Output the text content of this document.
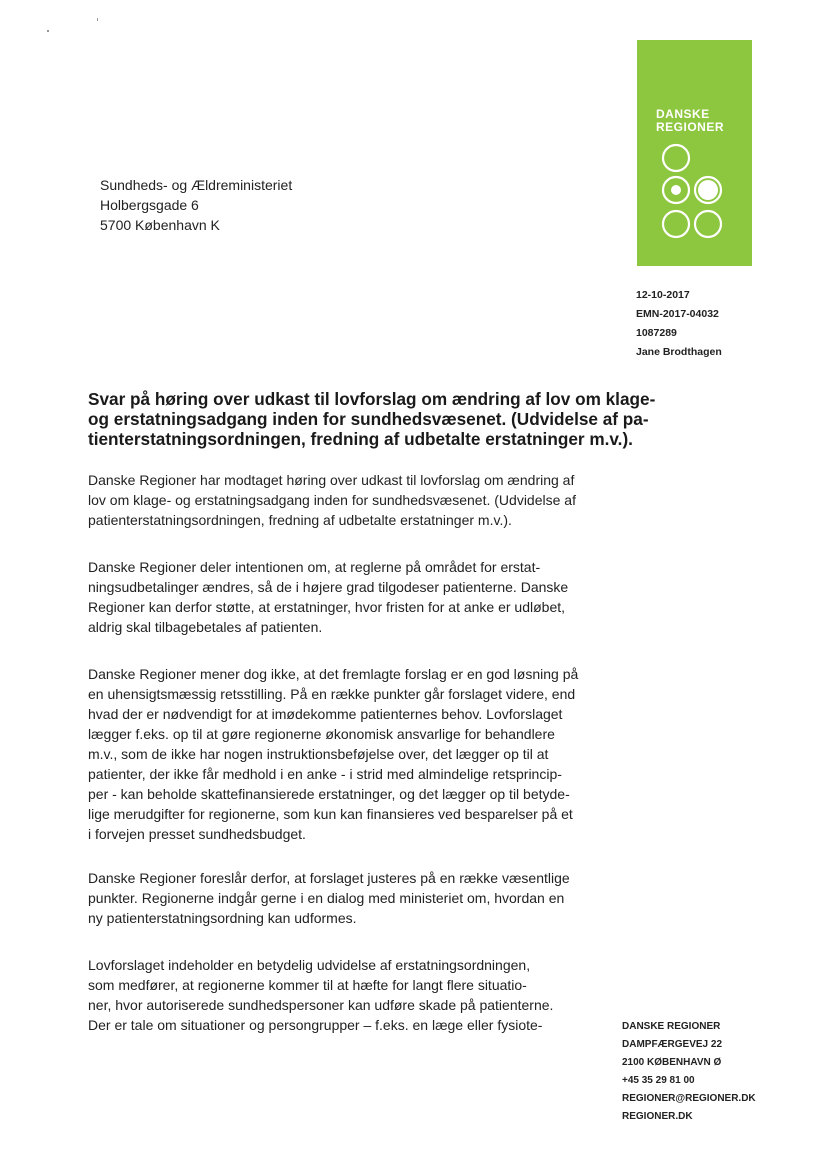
DANSKE
REGIONER
Sundheds- og Ældreministeriet
Holbergsgade 6
5700 København K
12-10-2017
EMN-2017-04032
1087289
Jane Brodthagen
Svar på høring over udkast til lovforslag om ændring af lov om klage-
og erstatningsadgang inden for sundhedsvæsenet. (Udvidelse af pa-
tienterstatningsordningen, fredning af udbetalte erstatninger m.v.).
Danske Regioner har modtaget høring over udkast til lovforslag om ændring af
lov om klage- og erstatningsadgang inden for sundhedsvæsenet. (Udvidelse af
patienterstatningsordningen, fredning af udbetalte erstatninger m.v.).
Danske Regioner deler intentionen om, at reglerne på området for erstat-
ningsudbetalinger ændres, så de i højere grad tilgodeser patienterne. Danske
Regioner kan derfor støtte, at erstatninger, hvor fristen for at anke er udløbet,
aldrig skal tilbagebetales af patienten.
Danske Regioner mener dog ikke, at det fremlagte forslag er en god løsning på
en uhensigtsmæssig retsstilling. På en række punkter går forslaget videre, end
hvad der er nødvendigt for at imødekomme patienternes behov. Lovforslaget
lægger f.eks. op til at gøre regionerne økonomisk ansvarlige for behandlere
m.v., som de ikke har nogen instruktionsbeføjelse over, det lægger op til at
patienter, der ikke får medhold i en anke - i strid med almindelige retsprincip-
per - kan beholde skattefinansierede erstatninger, og det lægger op til betyde-
lige merudgifter for regionerne, som kun kan finansieres ved besparelser på et
i forvejen presset sundhedsbudget.
Danske Regioner foreslår derfor, at forslaget justeres på en række væsentlige
punkter. Regionerne indgår gerne i en dialog med ministeriet om, hvordan en
ny patienterstatningsordning kan udformes.
Lovforslaget indeholder en betydelig udvidelse af erstatningsordningen,
som medfører, at regionerne kommer til at hæfte for langt flere situatio-
ner, hvor autoriserede sundhedspersoner kan udføre skade på patienterne.
Der er tale om situationer og persongrupper – f.eks. en læge eller fysiote-	DANSKE REGIONER
DAMPFÆRGEVEJ 22
2100 KØBENHAVN Ø
+45 35 29 81 00
REGIONER@REGIONER.DK
REGIONER.DK
